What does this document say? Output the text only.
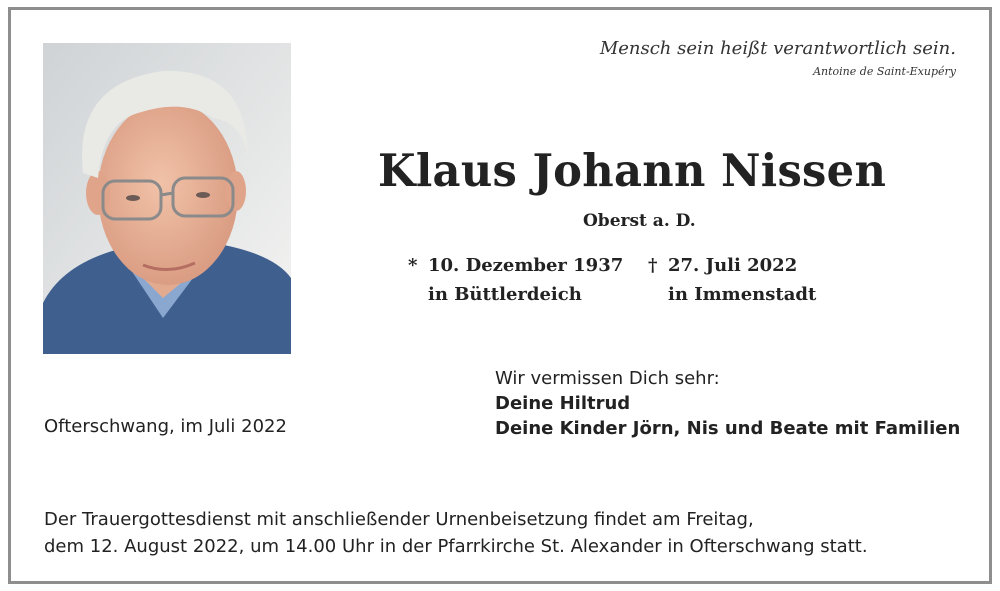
Mensch sein heißt verantwortlich sein.
Antoine de Saint-Exupéry
Klaus Johann Nissen
Oberst a. D.
* 10. Dezember 1937
in Büttlerdeich
† 27. Juli 2022
in Immenstadt
Wir vermissen Dich sehr:
Deine Hiltrud
Deine Kinder Jörn, Nis und Beate mit Familien
Ofterschwang, im Juli 2022
Der Trauergottesdienst mit anschließender Urnenbeisetzung findet am Freitag,
dem 12. August 2022, um 14.00 Uhr in der Pfarrkirche St. Alexander in Ofterschwang statt.
